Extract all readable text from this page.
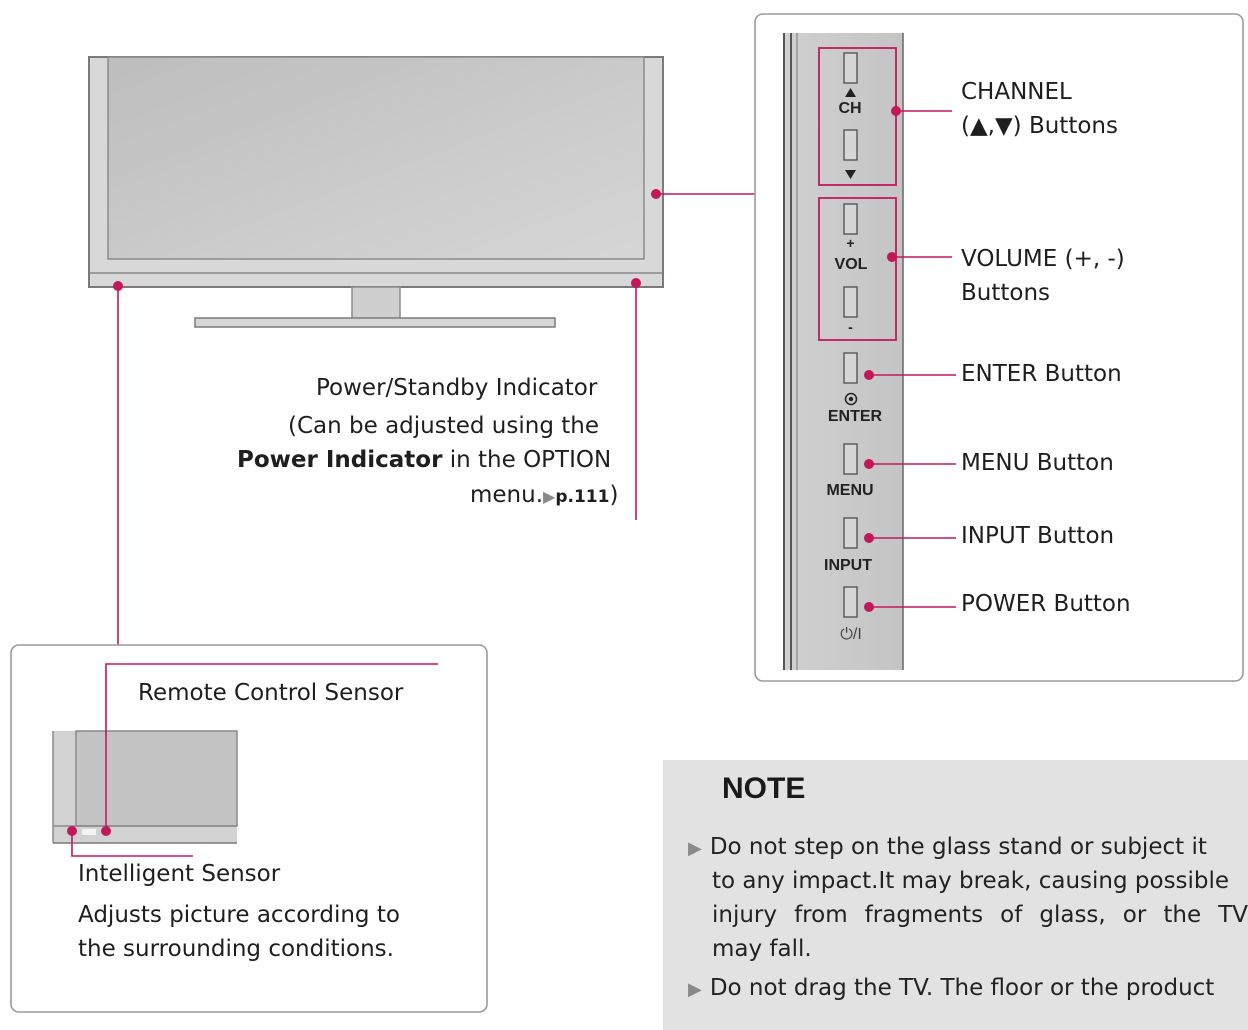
+
-
Power/Standby Indicator
(Can be adjusted using the
Power Indicator in the OPTION
menu.▶p.111)
CH
VOL
ENTER
MENU
INPUT
⏻/I
CHANNEL
(▲,▼) Buttons
VOLUME (+, -)
Buttons
ENTER Button
MENU Button
INPUT Button
POWER Button
Remote Control Sensor
Intelligent Sensor
Adjusts picture according to
the surrounding conditions.
NOTE
▶ Do not step on the glass stand or subject it
to any impact.It may break, causing possible
injury from fragments of glass, or the TV
may fall.
▶ Do not drag the TV. The floor or the product
